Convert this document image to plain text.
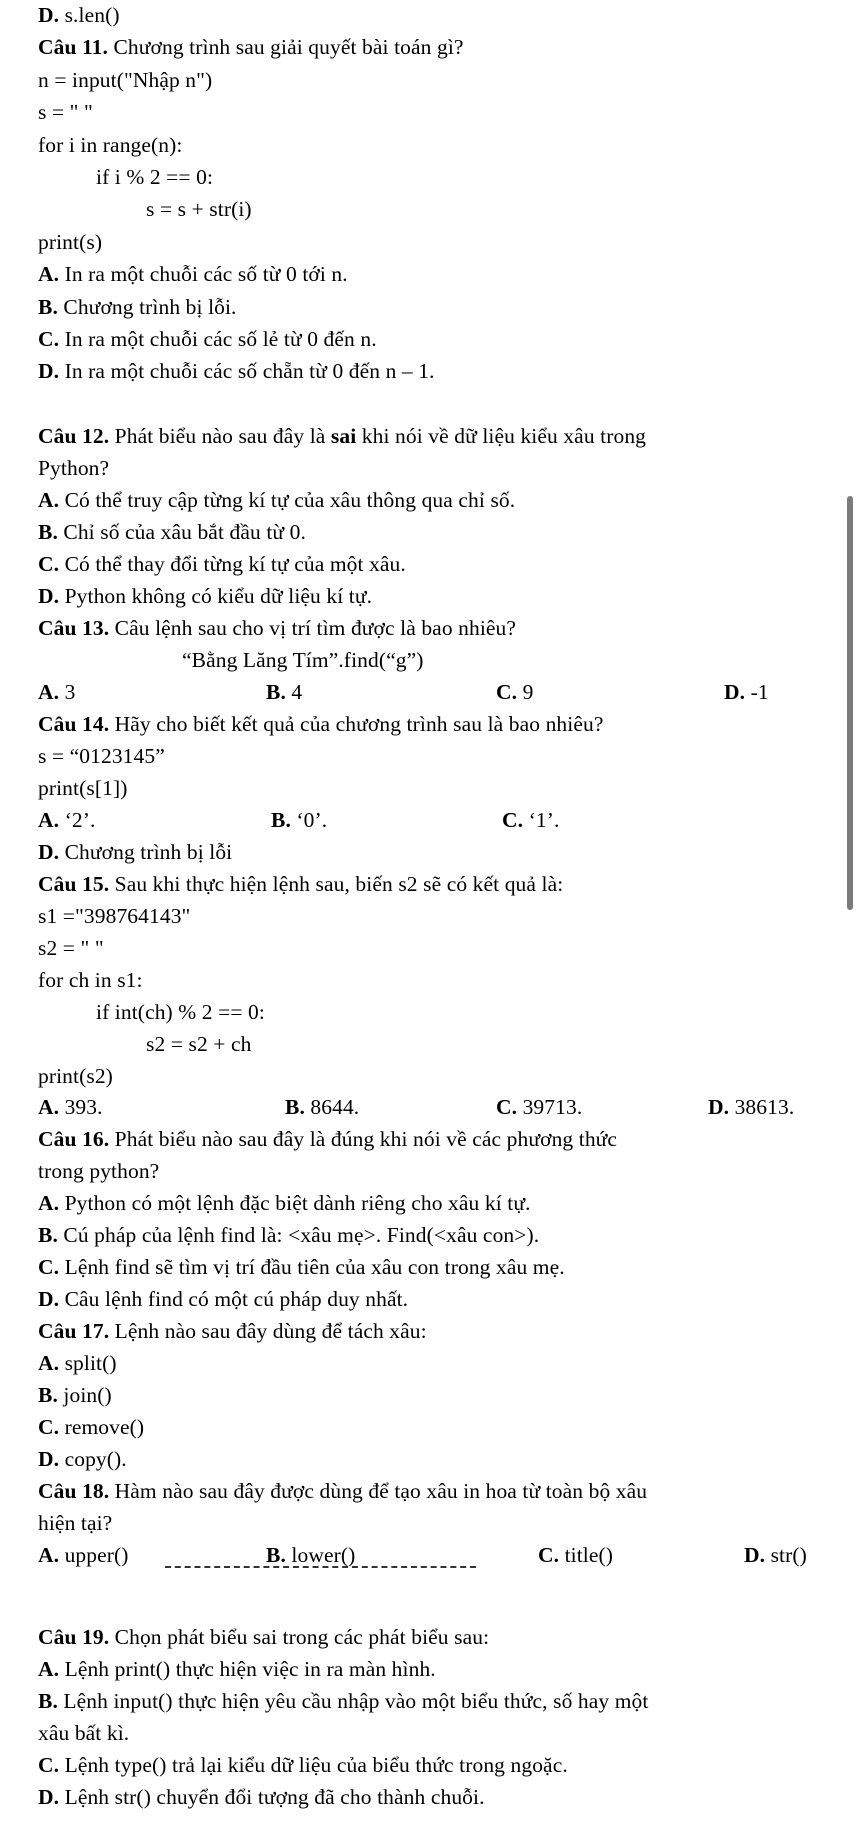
D. s.len()
Câu 11. Chương trình sau giải quyết bài toán gì?
n = input("Nhập n")
s = " "
for i in range(n):
if i % 2 == 0:
s = s + str(i)
print(s)
A. In ra một chuỗi các số từ 0 tới n.
B. Chương trình bị lỗi.
C. In ra một chuỗi các số lẻ từ 0 đến n.
D. In ra một chuỗi các số chẵn từ 0 đến n – 1.
Câu 12. Phát biểu nào sau đây là sai khi nói về dữ liệu kiểu xâu trong
Python?
A. Có thể truy cập từng kí tự của xâu thông qua chỉ số.
B. Chỉ số của xâu bắt đầu từ 0.
C. Có thể thay đổi từng kí tự của một xâu.
D. Python không có kiểu dữ liệu kí tự.
Câu 13. Câu lệnh sau cho vị trí tìm được là bao nhiêu?
“Bằng Lăng Tím”.find(“g”)
A. 3	B. 4	C. 9	D. -1
Câu 14. Hãy cho biết kết quả của chương trình sau là bao nhiêu?
s = “0123145”
print(s[1])
A. ‘2’.	B. ‘0’.	C. ‘1’.
D. Chương trình bị lỗi
Câu 15. Sau khi thực hiện lệnh sau, biến s2 sẽ có kết quả là:
s1 ="398764143"
s2 = " "
for ch in s1:
if int(ch) % 2 == 0:
s2 = s2 + ch
print(s2)
A. 393.	B. 8644.	C. 39713.	D. 38613.
Câu 16. Phát biểu nào sau đây là đúng khi nói về các phương thức
trong python?
A. Python có một lệnh đặc biệt dành riêng cho xâu kí tự.
B. Cú pháp của lệnh find là: <xâu mẹ>. Find(<xâu con>).
C. Lệnh find sẽ tìm vị trí đầu tiên của xâu con trong xâu mẹ.
D. Câu lệnh find có một cú pháp duy nhất.
Câu 17. Lệnh nào sau đây dùng để tách xâu:
A. split()
B. join()
C. remove()
D. copy().
Câu 18. Hàm nào sau đây được dùng để tạo xâu in hoa từ toàn bộ xâu
hiện tại?
A. upper()	B. lower()	C. title()	D. str()
Câu 19. Chọn phát biểu sai trong các phát biểu sau:
A. Lệnh print() thực hiện việc in ra màn hình.
B. Lệnh input() thực hiện yêu cầu nhập vào một biểu thức, số hay một
xâu bất kì.
C. Lệnh type() trả lại kiểu dữ liệu của biểu thức trong ngoặc.
D. Lệnh str() chuyển đổi tượng đã cho thành chuỗi.
